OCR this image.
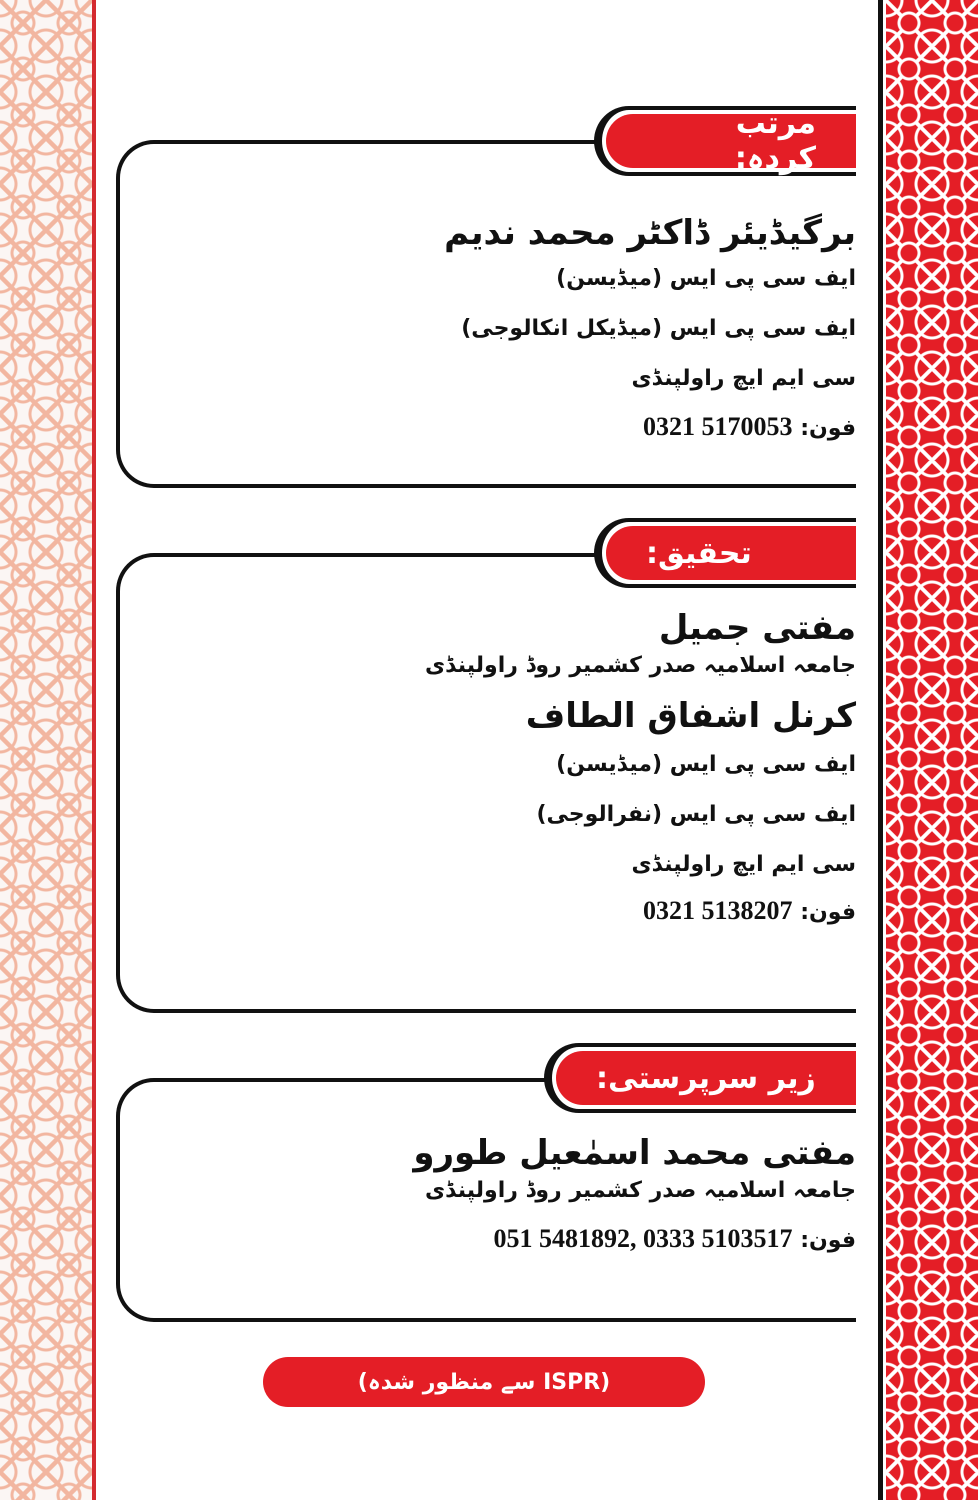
مرتب کردہ:
برگیڈیئر ڈاکٹر محمد ندیم
ایف سی پی ایس (میڈیسن)
ایف سی پی ایس (میڈیکل انکالوجی)
سی ایم ایچ راولپنڈی
فون: 0321 5170053
تحقیق:
مفتی جمیل
جامعہ اسلامیہ صدر کشمیر روڈ راولپنڈی
کرنل اشفاق الطاف
ایف سی پی ایس (میڈیسن)
ایف سی پی ایس (نفرالوجی)
سی ایم ایچ راولپنڈی
فون: 0321 5138207
زیر سرپرستی:
مفتی محمد اسمٰعیل طورو
جامعہ اسلامیہ صدر کشمیر روڈ راولپنڈی
فون: 051 5481892, 0333 5103517
(ISPR سے منظور شدہ)
